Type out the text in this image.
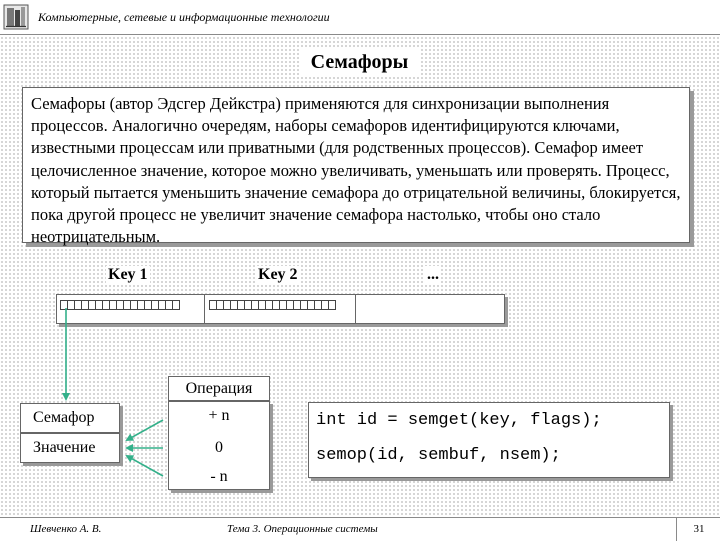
Компьютерные, сетевые и информационные технологии
Семафоры
Семафоры (автор Эдсгер Дейкстра) применяются для синхронизации выполнения процессов. Аналогично очередям, наборы семафоров идентифицируются ключами, известными процессам или приватными (для родственных процессов). Семафор имеет целочисленное значение, которое можно увеличивать, уменьшать или проверять. Процесс, который пытается уменьшить значение семафора до отрицательной величины, блокируется, пока другой процесс не увеличит значение семафора настолько, чтобы оно стало неотрицательным.
Key 1	Key 2	...
Семафор
Значение
Операция
+ n
0
- n
int id = semget(key, flags);
semop(id, sembuf, nsem);
Шевченко А. В.	Тема 3. Операционные системы	31
